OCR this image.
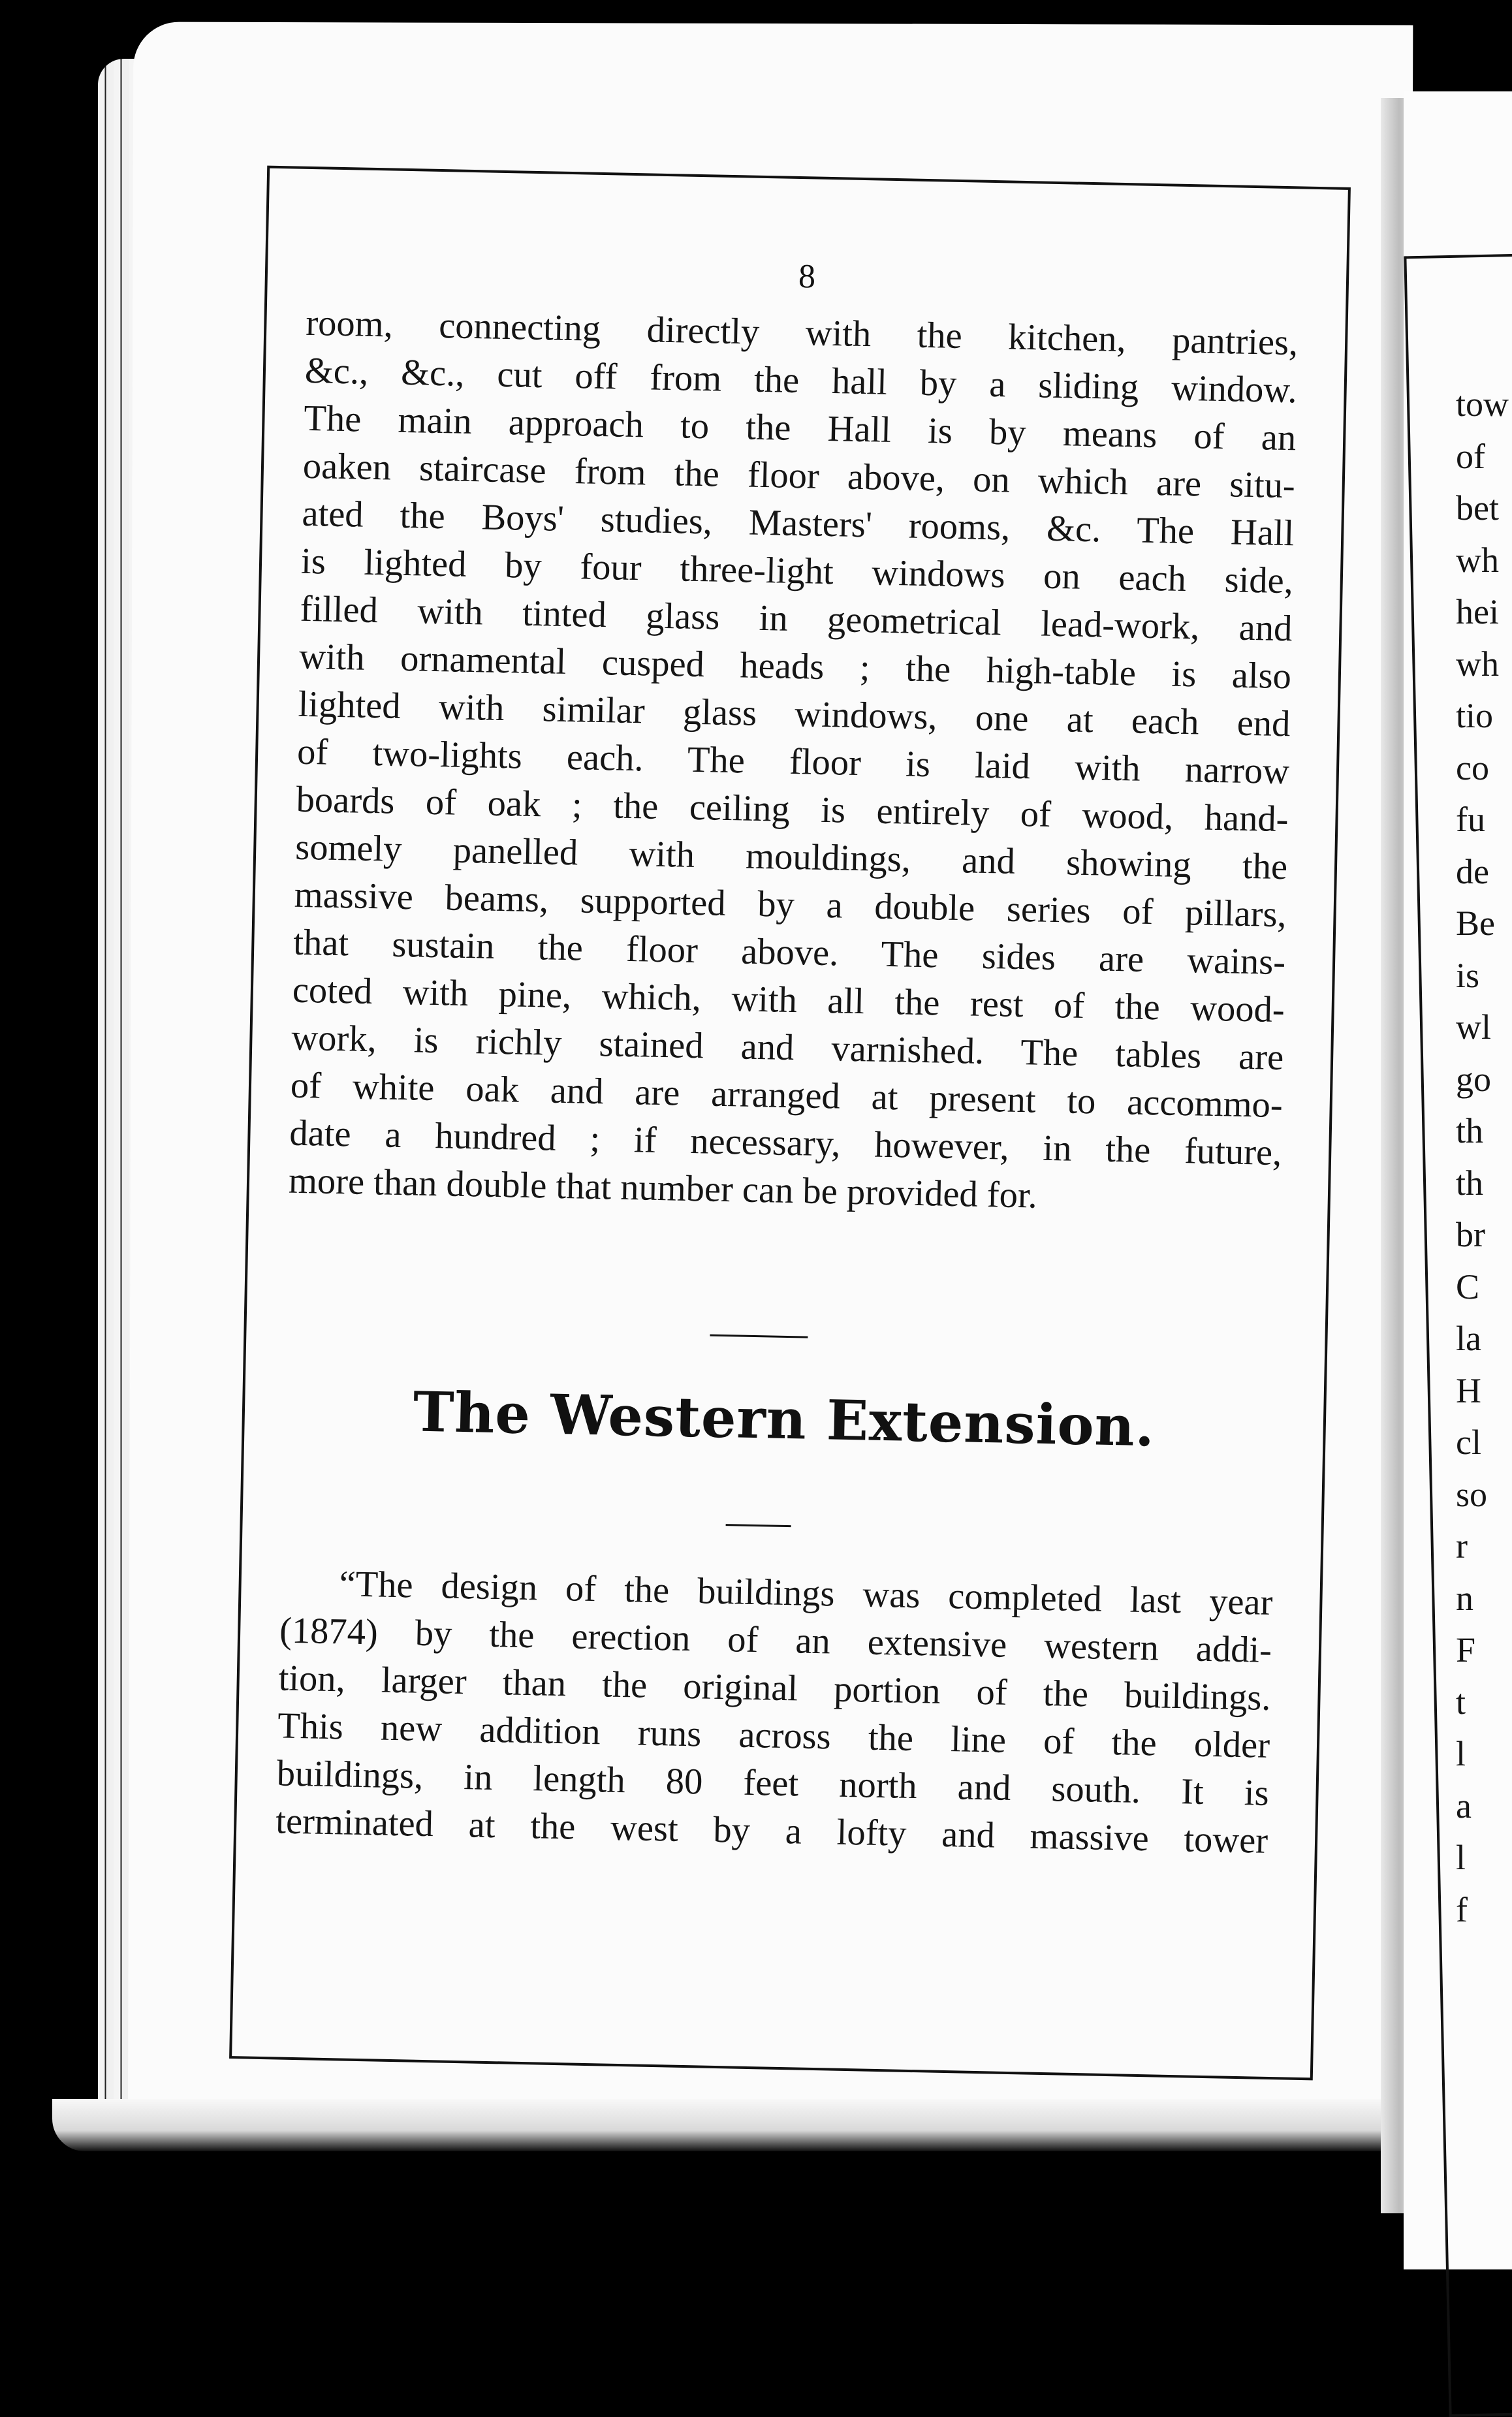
8
room, connecting directly with the kitchen, pantries,
&c., &c., cut off from the hall by a sliding window.
The main approach to the Hall is by means of an
oaken staircase from the floor above, on which are situ-
ated the Boys' studies, Masters' rooms, &c. The Hall
is lighted by four three-light windows on each side,
filled with tinted glass in geometrical lead-work, and
with ornamental cusped heads ; the high-table is also
lighted with similar glass windows, one at each end
of two-lights each. The floor is laid with narrow
boards of oak ; the ceiling is entirely of wood, hand-
somely panelled with mouldings, and showing the
massive beams, supported by a double series of pillars,
that sustain the floor above. The sides are wains-
coted with pine, which, with all the rest of the wood-
work, is richly stained and varnished. The tables are
of white oak and are arranged at present to accommo-
date a hundred ; if necessary, however, in the future,
more than double that number can be provided for.
The Western Extension.
“The design of the buildings was completed last year
(1874) by the erection of an extensive western addi-
tion, larger than the original portion of the buildings.
This new addition runs across the line of the older
buildings, in length 80 feet north and south. It is
terminated at the west by a lofty and massive tower
tow
of
bet
wh
hei
wh
tio
co
fu
de
Be
is
wl
go
th
th
br
C
la
H
cl
so
r
n
F
t
l
a
l
f
